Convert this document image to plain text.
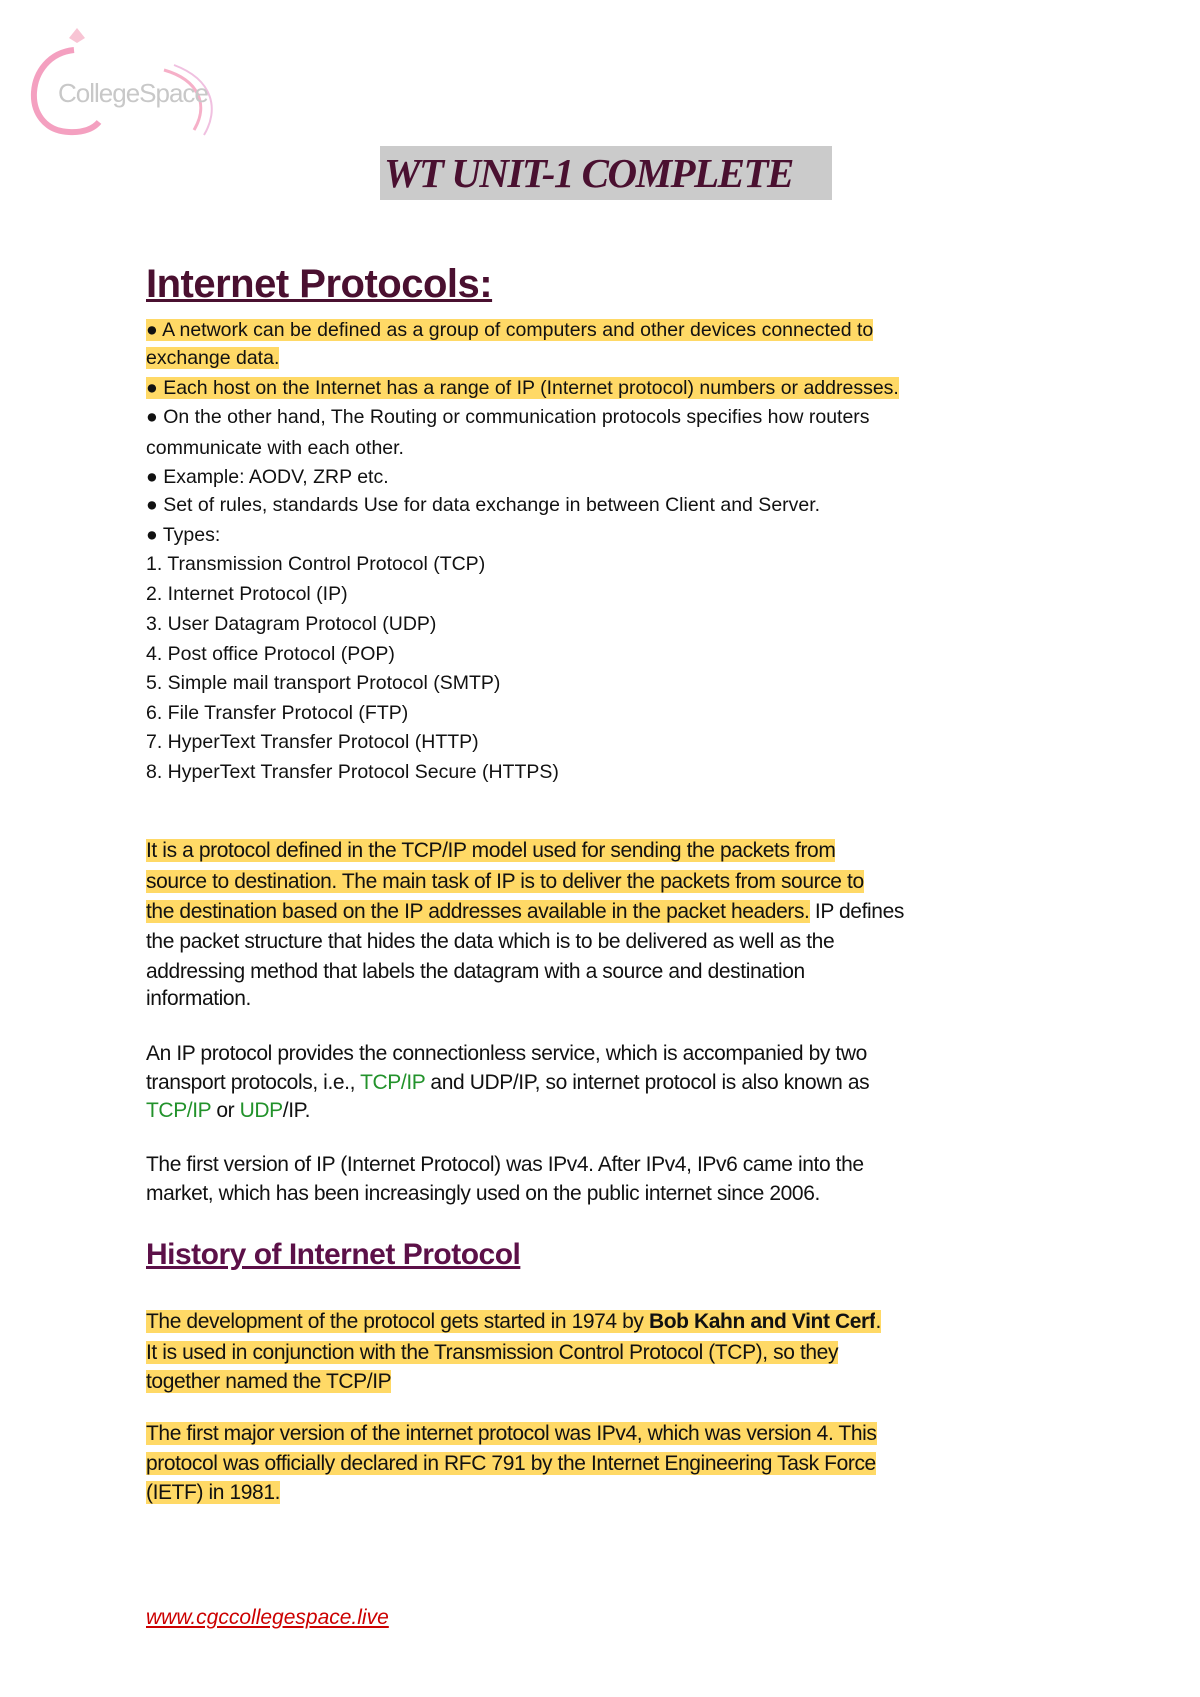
CollegeSpace
WT UNIT-1 COMPLETE
Internet Protocols:
History of Internet Protocol
● A network can be defined as a group of computers and other devices connected to
exchange data.
● Each host on the Internet has a range of IP (Internet protocol) numbers or addresses.
● On the other hand, The Routing or communication protocols specifies how routers
communicate with each other.
● Example: AODV, ZRP etc.
● Set of rules, standards Use for data exchange in between Client and Server.
● Types:
1. Transmission Control Protocol (TCP)
2. Internet Protocol (IP)
3. User Datagram Protocol (UDP)
4. Post office Protocol (POP)
5. Simple mail transport Protocol (SMTP)
6. File Transfer Protocol (FTP)
7. HyperText Transfer Protocol (HTTP)
8. HyperText Transfer Protocol Secure (HTTPS)
It is a protocol defined in the TCP/IP model used for sending the packets from
source to destination. The main task of IP is to deliver the packets from source to
the destination based on the IP addresses available in the packet headers. IP defines
the packet structure that hides the data which is to be delivered as well as the
addressing method that labels the datagram with a source and destination
information.
An IP protocol provides the connectionless service, which is accompanied by two
transport protocols, i.e., TCP/IP and UDP/IP, so internet protocol is also known as
TCP/IP or UDP/IP.
The first version of IP (Internet Protocol) was IPv4. After IPv4, IPv6 came into the
market, which has been increasingly used on the public internet since 2006.
The development of the protocol gets started in 1974 by Bob Kahn and Vint Cerf.
It is used in conjunction with the Transmission Control Protocol (TCP), so they
together named the TCP/IP
The first major version of the internet protocol was IPv4, which was version 4. This
protocol was officially declared in RFC 791 by the Internet Engineering Task Force
(IETF) in 1981.
www.cgccollegespace.live
